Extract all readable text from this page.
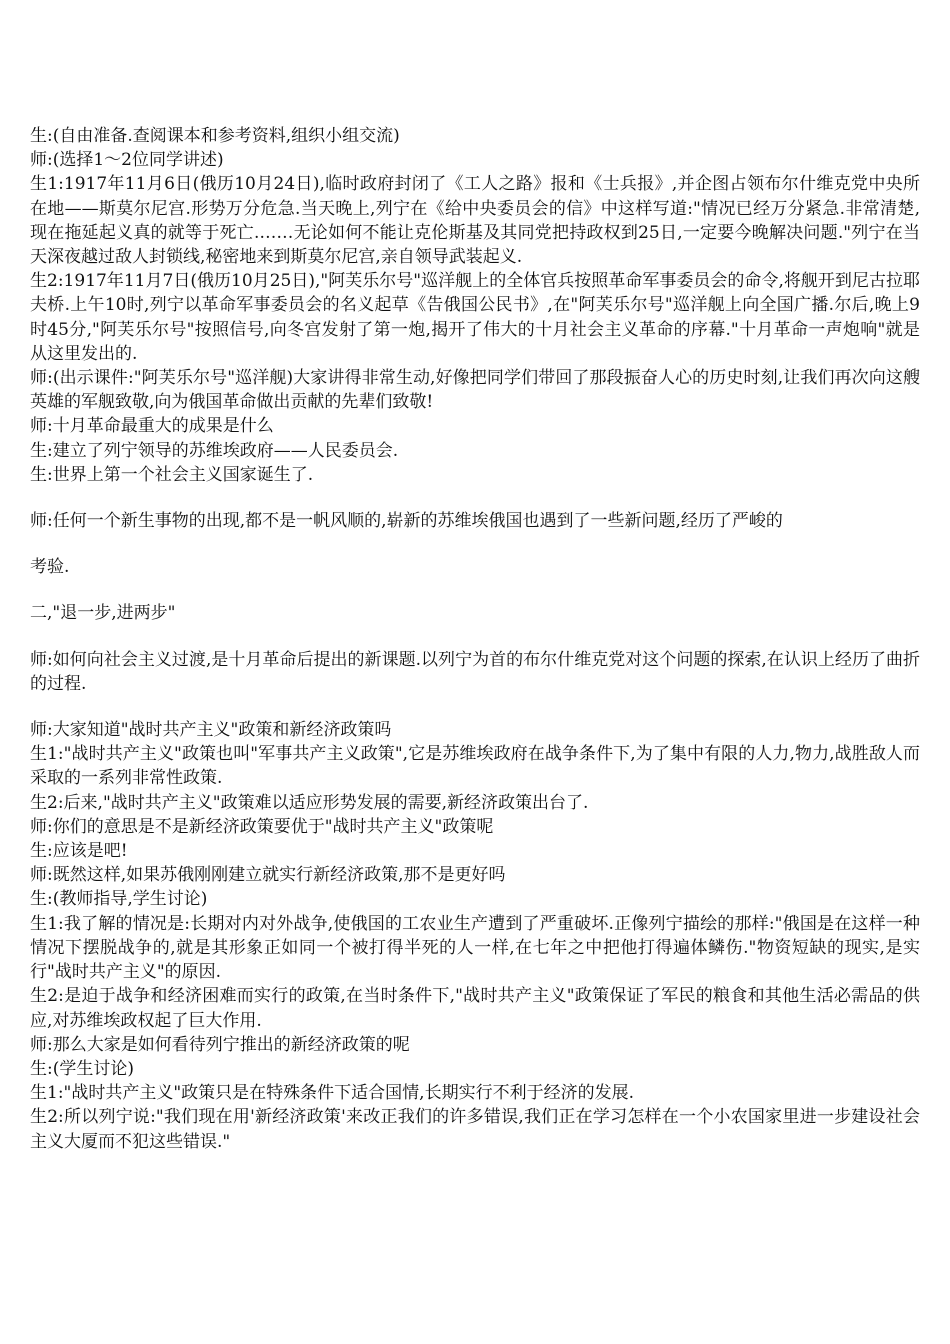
生:(自由准备.查阅课本和参考资料,组织小组交流)

师:(选择1～2位同学讲述)

生1:1917年11月6日(俄历10月24日),临时政府封闭了《工人之路》报和《士兵报》,并企图占领布尔什维克党中央所在地——斯莫尔尼宫.形势万分危急.当天晚上,列宁在《给中央委员会的信》中这样写道:"情况已经万分紧急.非常清楚,现在拖延起义真的就等于死亡.……无论如何不能让克伦斯基及其同党把持政权到25日,一定要今晚解决问题."列宁在当天深夜越过敌人封锁线,秘密地来到斯莫尔尼宫,亲自领导武装起义.

生2:1917年11月7日(俄历10月25日),"阿芙乐尔号"巡洋舰上的全体官兵按照革命军事委员会的命令,将舰开到尼古拉耶夫桥.上午10时,列宁以革命军事委员会的名义起草《告俄国公民书》,在"阿芙乐尔号"巡洋舰上向全国广播.尔后,晚上9时45分,"阿芙乐尔号"按照信号,向冬宫发射了第一炮,揭开了伟大的十月社会主义革命的序幕."十月革命一声炮响"就是从这里发出的.

师:(出示课件:"阿芙乐尔号"巡洋舰)大家讲得非常生动,好像把同学们带回了那段振奋人心的历史时刻,让我们再次向这艘英雄的军舰致敬,向为俄国革命做出贡献的先辈们致敬!

师:十月革命最重大的成果是什么

生:建立了列宁领导的苏维埃政府——人民委员会.

生:世界上第一个社会主义国家诞生了.

师:任何一个新生事物的出现,都不是一帆风顺的,崭新的苏维埃俄国也遇到了一些新问题,经历了严峻的

考验.

二,"退一步,进两步"

师:如何向社会主义过渡,是十月革命后提出的新课题.以列宁为首的布尔什维克党对这个问题的探索,在认识上经历了曲折的过程.

师:大家知道"战时共产主义"政策和新经济政策吗

生1:"战时共产主义"政策也叫"军事共产主义政策",它是苏维埃政府在战争条件下,为了集中有限的人力,物力,战胜敌人而采取的一系列非常性政策.

生2:后来,"战时共产主义"政策难以适应形势发展的需要,新经济政策出台了.

师:你们的意思是不是新经济政策要优于"战时共产主义"政策呢

生:应该是吧!

师:既然这样,如果苏俄刚刚建立就实行新经济政策,那不是更好吗

生:(教师指导,学生讨论)

生1:我了解的情况是:长期对内对外战争,使俄国的工农业生产遭到了严重破坏.正像列宁描绘的那样:"俄国是在这样一种情况下摆脱战争的,就是其形象正如同一个被打得半死的人一样,在七年之中把他打得遍体鳞伤."物资短缺的现实,是实行"战时共产主义"的原因.

生2:是迫于战争和经济困难而实行的政策,在当时条件下,"战时共产主义"政策保证了军民的粮食和其他生活必需品的供应,对苏维埃政权起了巨大作用.

师:那么大家是如何看待列宁推出的新经济政策的呢

生:(学生讨论)

生1:"战时共产主义"政策只是在特殊条件下适合国情,长期实行不利于经济的发展.

生2:所以列宁说:"我们现在用'新经济政策'来改正我们的许多错误,我们正在学习怎样在一个小农国家里进一步建设社会主义大厦而不犯这些错误."
